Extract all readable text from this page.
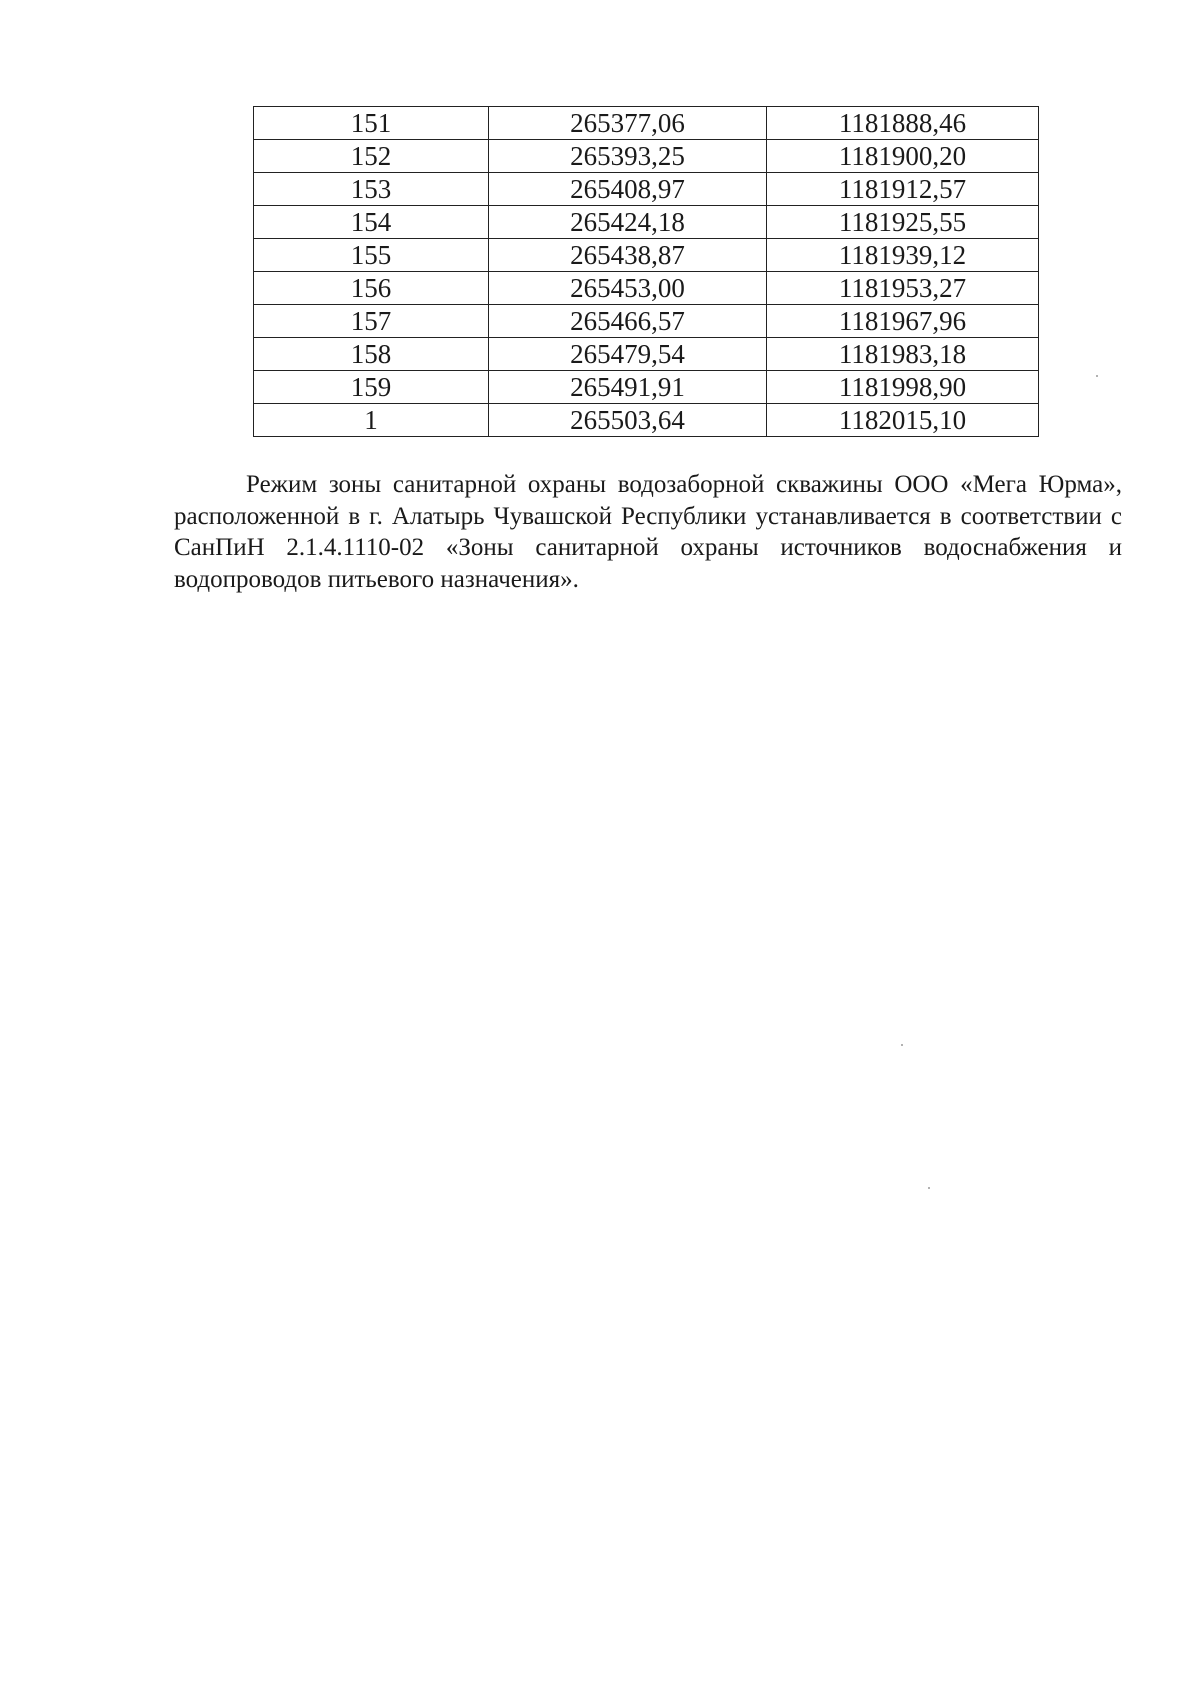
151	265377,06	1181888,46
152	265393,25	1181900,20
153	265408,97	1181912,57
154	265424,18	1181925,55
155	265438,87	1181939,12
156	265453,00	1181953,27
157	265466,57	1181967,96
158	265479,54	1181983,18
159	265491,91	1181998,90
1	265503,64	1182015,10

Режим зоны санитарной охраны водозаборной скважины ООО «Мега Юрма», расположенной в г. Алатырь Чувашской Республики устанавливается в соответствии с СанПиН 2.1.4.1110-02 «Зоны санитарной охраны источников водоснабжения и водопроводов питьевого назначения».
